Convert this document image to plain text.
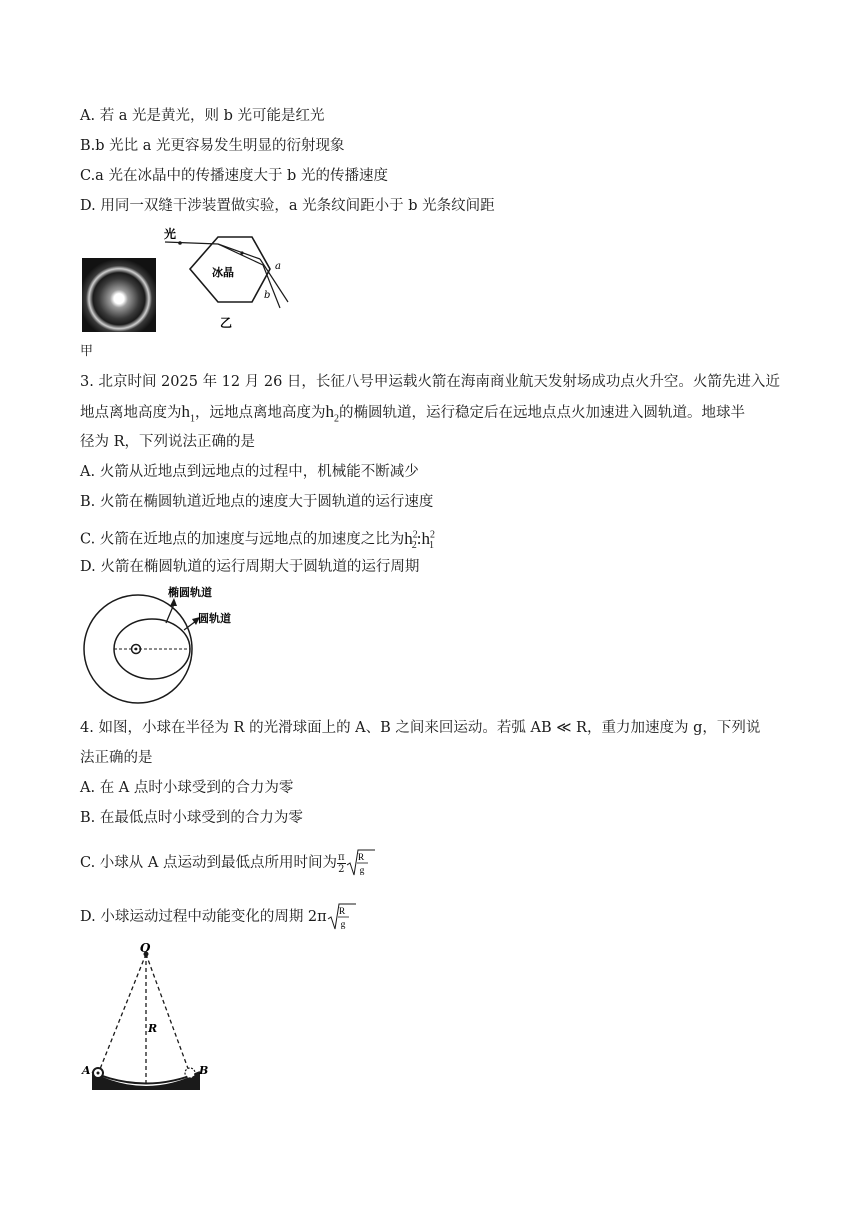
A. 若 a 光是黄光，则 b 光可能是红光
B.b 光比 a 光更容易发生明显的衍射现象
C.a 光在冰晶中的传播速度大于 b 光的传播速度
D. 用同一双缝干涉装置做实验，a 光条纹间距小于 b 光条纹间距
光
冰晶	a
b
乙
甲
3. 北京时间 2025 年 12 月 26 日，长征八号甲运载火箭在海南商业航天发射场成功点火升空。火箭先进入近
地点离地高度为$h_1$，远地点离地高度为$h_2$的椭圆轨道，运行稳定后在远地点点火加速进入圆轨道。地球半
径为 R，下列说法正确的是
A. 火箭从近地点到远地点的过程中，机械能不断减少
B. 火箭在椭圆轨道近地点的速度大于圆轨道的运行速度
C. 火箭在近地点的加速度与远地点的加速度之比为$h^2_2:h^2_1$
D. 火箭在椭圆轨道的运行周期大于圆轨道的运行周期
椭圆轨道
圆轨道
4. 如图，小球在半径为 R 的光滑球面上的 A、B 之间来回运动。若弧 AB ≪ R，重力加速度为 g，下列说
法正确的是
A. 在 A 点时小球受到的合力为零
B. 在最低点时小球受到的合力为零
C. 小球从 A 点运动到最低点所用时间为 $\frac{\pi}{2}$ R
g
D. 小球运动过程中动能变化的周期 2π R
g
O
R
A	B
